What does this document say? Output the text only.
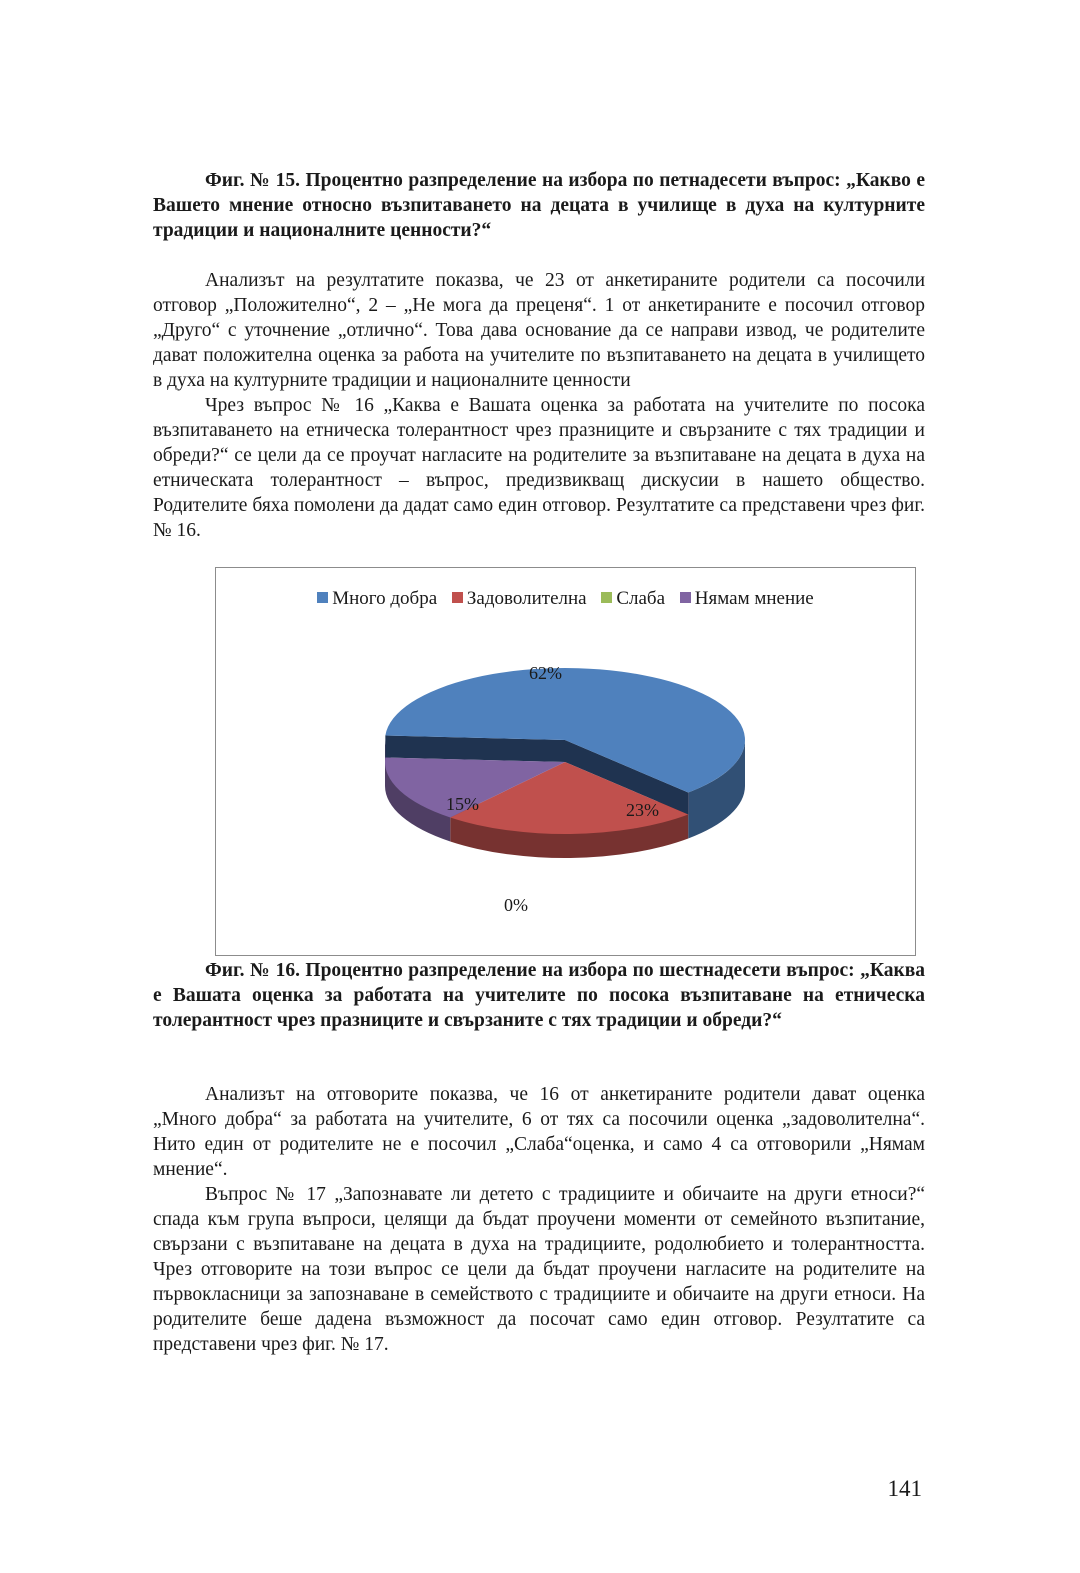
Фиг. № 15. Процентно разпределение на избора по петнадесети въпрос: „Какво е Вашето мнение относно възпитаването на децата в училище в духа на културните традиции и националните ценности?“

Анализът на резултатите показва, че 23 от анкетираните родители са посочили отговор „Положително“, 2 – „Не мога да преценя“. 1 от анкетираните е посочил отговор „Друго“ с уточнение „отлично“. Това дава основание да се направи извод, че родителите дават положителна оценка за работа на учителите по възпитаването на децата в училището в духа на културните традиции и националните ценности

Чрез въпрос № 16 „Каква е Вашата оценка за работата на учителите по посока възпитаването на етническа толерантност чрез празниците и свързаните с тях традиции и обреди?“ се цели да се проучат нагласите на родителите за възпитаване на децата в духа на етническата толерантност – въпрос, предизвикващ дискусии в нашето общество. Родителите бяха помолени да дадат само един отговор. Резултатите са представени чрез фиг. № 16.

Много добра Задоволителна Слаба Нямам мнение
62%
23%
15%
0%

Фиг. № 16. Процентно разпределение на избора по шестнадесети въпрос: „Каква е Вашата оценка за работата на учителите по посока възпитаване на етническа толерантност чрез празниците и свързаните с тях традиции и обреди?“

Анализът на отговорите показва, че 16 от анкетираните родители дават оценка „Много добра“ за работата на учителите, 6 от тях са посочили оценка „задоволителна“. Нито един от родителите не е посочил „Слаба“оценка, и само 4 са отговорили „Нямам мнение“.

Въпрос № 17 „Запознавате ли детето с традициите и обичаите на други етноси?“ спада към група въпроси, целящи да бъдат проучени моменти от семейното възпитание, свързани с възпитаване на децата в духа на традициите, родолюбието и толерантността. Чрез отговорите на този въпрос се цели да бъдат проучени нагласите на родителите на първокласници за запознаване в семейството с традициите и обичаите на други етноси. На родителите беше дадена възможност да посочат само един отговор. Резултатите са представени чрез фиг. № 17.

141
